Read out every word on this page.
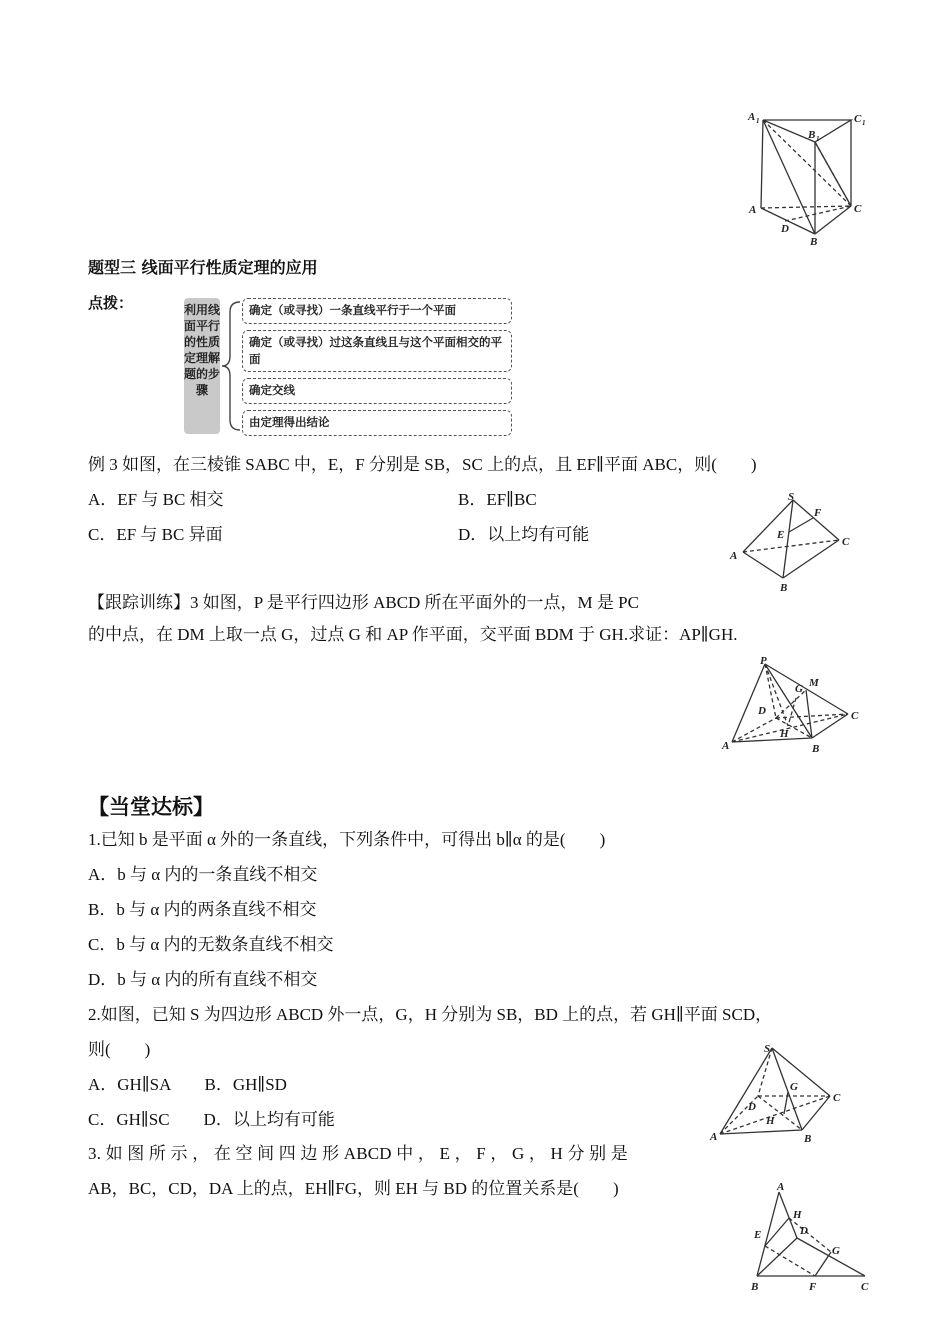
A 1
B 1
C 1
A	C
D
B
题型三 线面平行性质定理的应用
点拨：	利用线面平行的性质定理解题的步骤
确定（或寻找）一条直线平行于一个平面
确定（或寻找）过这条直线且与这个平面相交的平面
确定交线
由定理得出结论
例 3 如图，在三棱锥 SABC 中，E，F 分别是 SB，SC 上的点，且 EF∥平面 ABC，则(　　)
A．EF 与 BC 相交	B．EF∥BC
C．EF 与 BC 异面	D．以上均有可能
S
F
E
A
C
B
【跟踪训练】3 如图，P 是平行四边形 ABCD 所在平面外的一点，M 是 PC
的中点，在 DM 上取一点 G，过点 G 和 AP 作平面，交平面 BDM 于 GH.求证：AP∥GH.
P
M
G
D	C
H
A	B
【当堂达标】
1.已知 b 是平面 α 外的一条直线，下列条件中，可得出 b∥α 的是(　　)
A．b 与 α 内的一条直线不相交
B．b 与 α 内的两条直线不相交
C．b 与 α 内的无数条直线不相交
D．b 与 α 内的所有直线不相交
2.如图，已知 S 为四边形 ABCD 外一点，G，H 分别为 SB，BD 上的点，若 GH∥平面 SCD，
则(　　)
A．GH∥SA　　B．GH∥SD
C．GH∥SC　　D．以上均有可能
S
G
C
D
H
A	B
3. 如 图 所 示 ， 在 空 间 四 边 形 ABCD 中 ， E ， F ， G ， H 分 别 是
AB，BC，CD，DA 上的点，EH∥FG，则 EH 与 BD 的位置关系是(　　)	A
H
D
E
G
B	F	C
